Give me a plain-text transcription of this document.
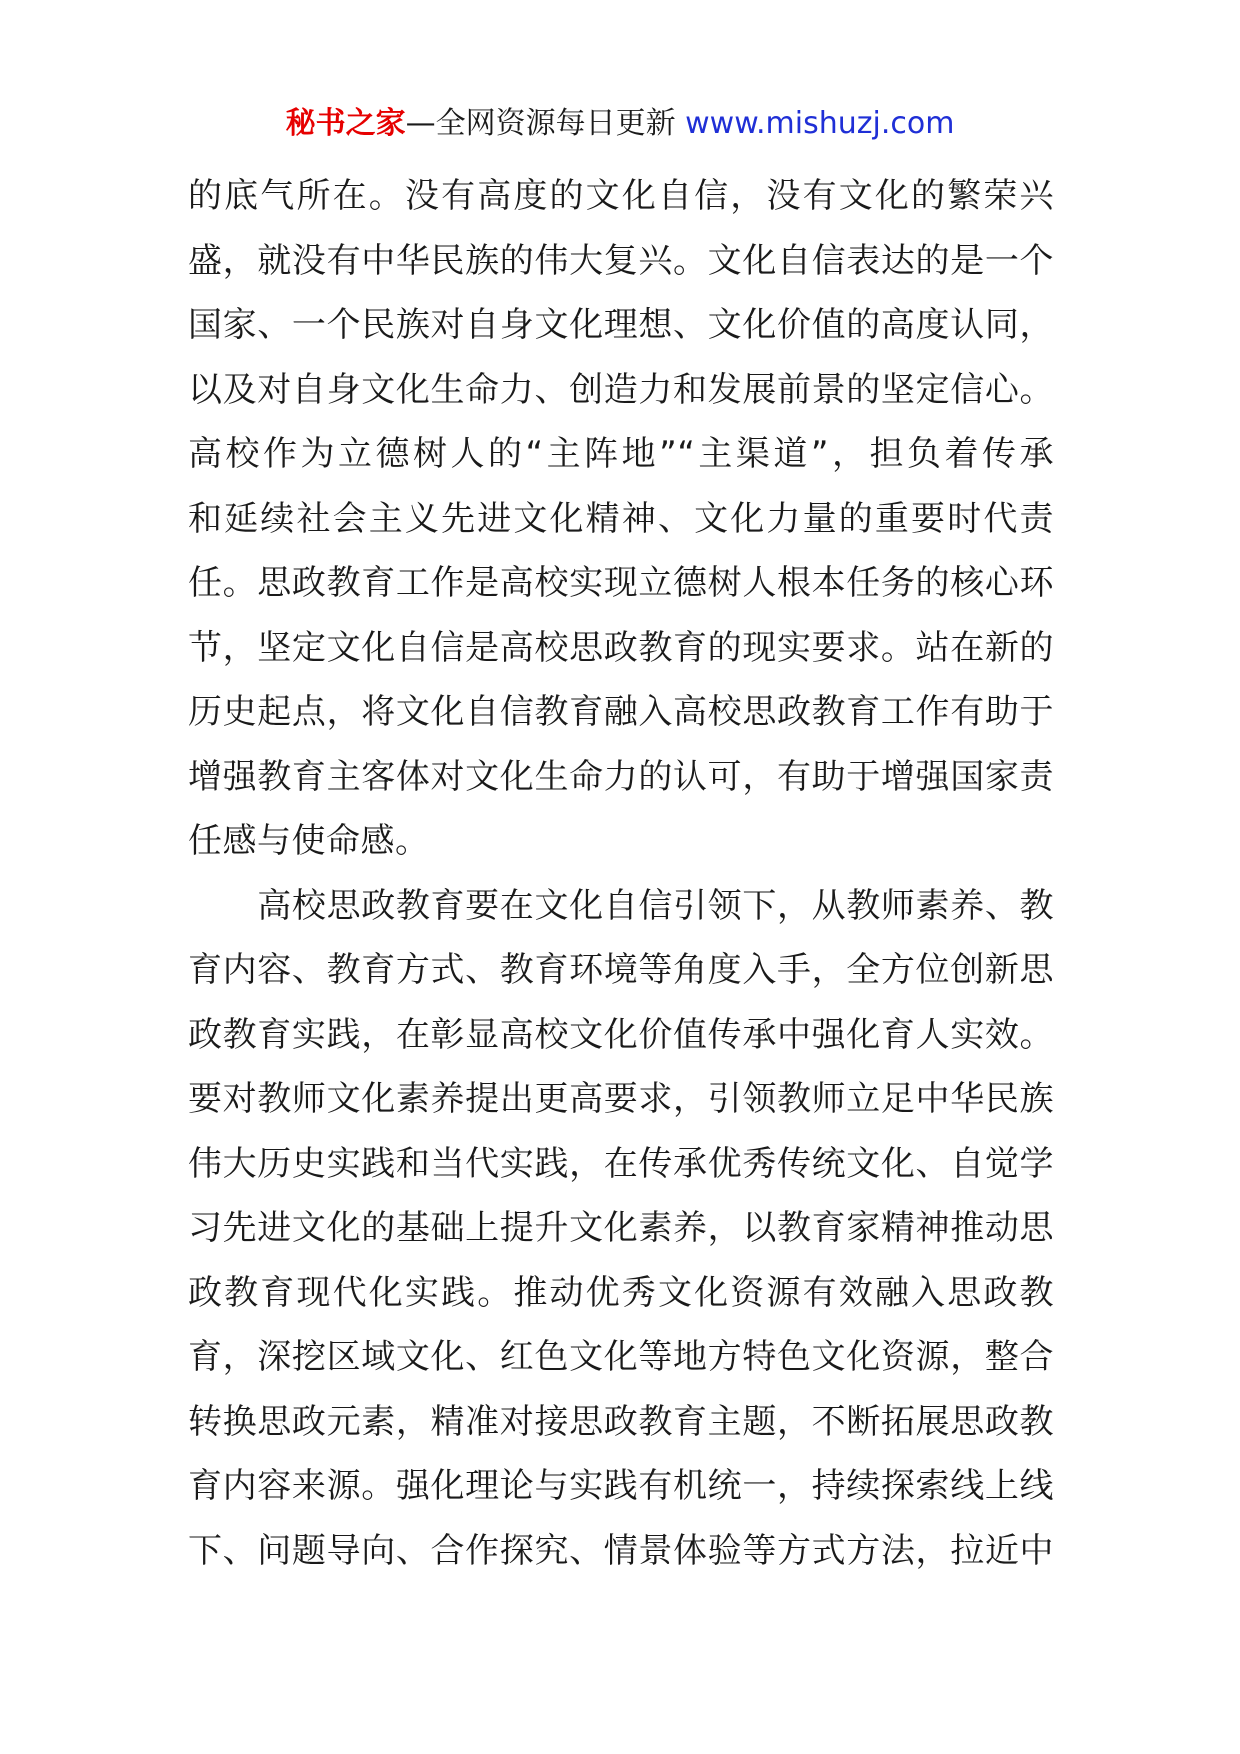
秘书之家—全网资源每日更新 www.mishuzj.com
的底气所在。没有高度的文化自信，没有文化的繁荣兴
盛，就没有中华民族的伟大复兴。文化自信表达的是一个
国家、一个民族对自身文化理想、文化价值的高度认同，
以及对自身文化生命力、创造力和发展前景的坚定信心。
高校作为立德树人的“主阵地”“主渠道”，担负着传承
和延续社会主义先进文化精神、文化力量的重要时代责
任。思政教育工作是高校实现立德树人根本任务的核心环
节，坚定文化自信是高校思政教育的现实要求。站在新的
历史起点，将文化自信教育融入高校思政教育工作有助于
增强教育主客体对文化生命力的认可，有助于增强国家责
任感与使命感。
　　高校思政教育要在文化自信引领下，从教师素养、教
育内容、教育方式、教育环境等角度入手，全方位创新思
政教育实践，在彰显高校文化价值传承中强化育人实效。
要对教师文化素养提出更高要求，引领教师立足中华民族
伟大历史实践和当代实践，在传承优秀传统文化、自觉学
习先进文化的基础上提升文化素养，以教育家精神推动思
政教育现代化实践。推动优秀文化资源有效融入思政教
育，深挖区域文化、红色文化等地方特色文化资源，整合
转换思政元素，精准对接思政教育主题，不断拓展思政教
育内容来源。强化理论与实践有机统一，持续探索线上线
下、问题导向、合作探究、情景体验等方式方法，拉近中
